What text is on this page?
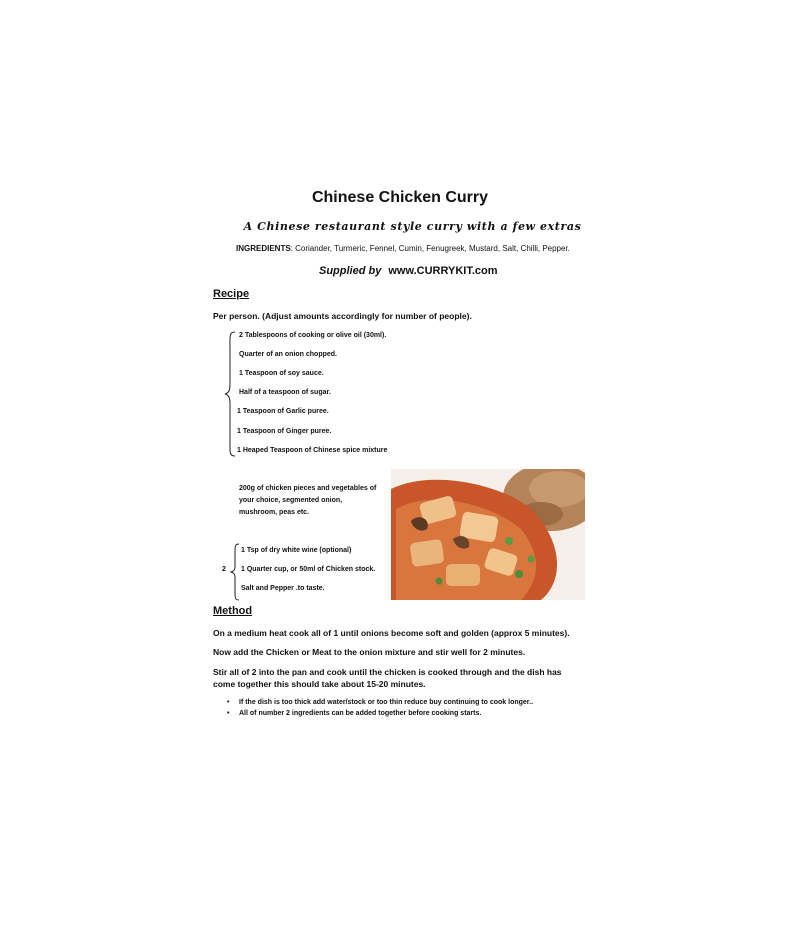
Chinese Chicken Curry
A Chinese restaurant style curry with a few extras
INGREDIENTS: Coriander, Turmeric, Fennel, Cumin, Fenugreek, Mustard, Salt, Chilli, Pepper.
Supplied by www.CURRYKIT.com
Recipe
Per person. (Adjust amounts accordingly for number of people).
2 Tablespoons of cooking or olive oil (30ml).
Quarter of an onion chopped.
1 Teaspoon of soy sauce.
Half of a teaspoon of sugar.
1 Teaspoon of Garlic puree.
1 Teaspoon of Ginger puree.
1 Heaped Teaspoon of Chinese spice mixture
200g of chicken pieces and vegetables of
your choice, segmented onion,
mushroom, peas etc.
2
1 Tsp of dry white wine (optional)
1 Quarter cup, or 50ml of Chicken stock.
Salt and Pepper .to taste.
Method
On a medium heat cook all of 1 until onions become soft and golden (approx 5 minutes).
Now add the Chicken or Meat to the onion mixture and stir well for 2 minutes.
Stir all of 2 into the pan and cook until the chicken is cooked through and the dish has
come together this should take about 15-20 minutes.
• If the dish is too thick add water/stock or too thin reduce buy continuing to cook longer..
• All of number 2 ingredients can be added together before cooking starts.
